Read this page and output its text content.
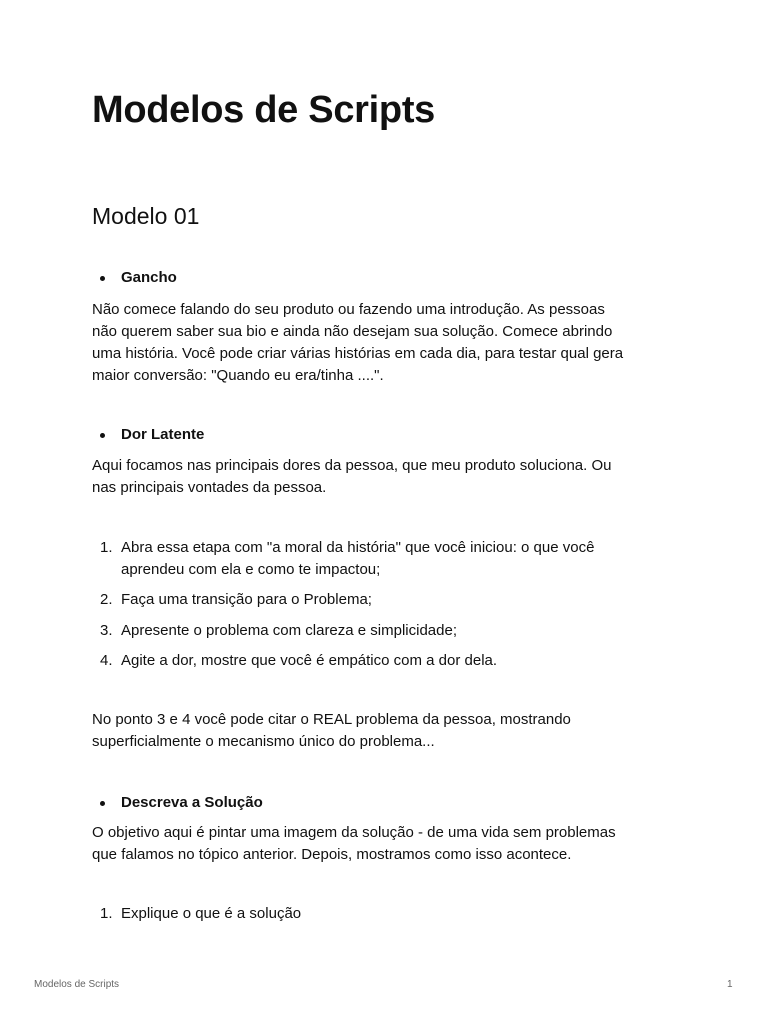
Modelos de Scripts
Modelo 01
Gancho

Não comece falando do seu produto ou fazendo uma introdução. As pessoas
não querem saber sua bio e ainda não desejam sua solução. Comece abrindo
uma história. Você pode criar várias histórias em cada dia, para testar qual gera
maior conversão: "Quando eu era/tinha ....".

Dor Latente

Aqui focamos nas principais dores da pessoa, que meu produto soluciona. Ou
nas principais vontades da pessoa.

1. Abra essa etapa com "a moral da história" que você iniciou: o que você
aprendeu com ela e como te impactou;
2. Faça uma transição para o Problema;
3. Apresente o problema com clareza e simplicidade;
4. Agite a dor, mostre que você é empático com a dor dela.

No ponto 3 e 4 você pode citar o REAL problema da pessoa, mostrando
superficialmente o mecanismo único do problema...

Descreva a Solução

O objetivo aqui é pintar uma imagem da solução - de uma vida sem problemas
que falamos no tópico anterior. Depois, mostramos como isso acontece.

1. Explique o que é a solução
Modelos de Scripts	1
